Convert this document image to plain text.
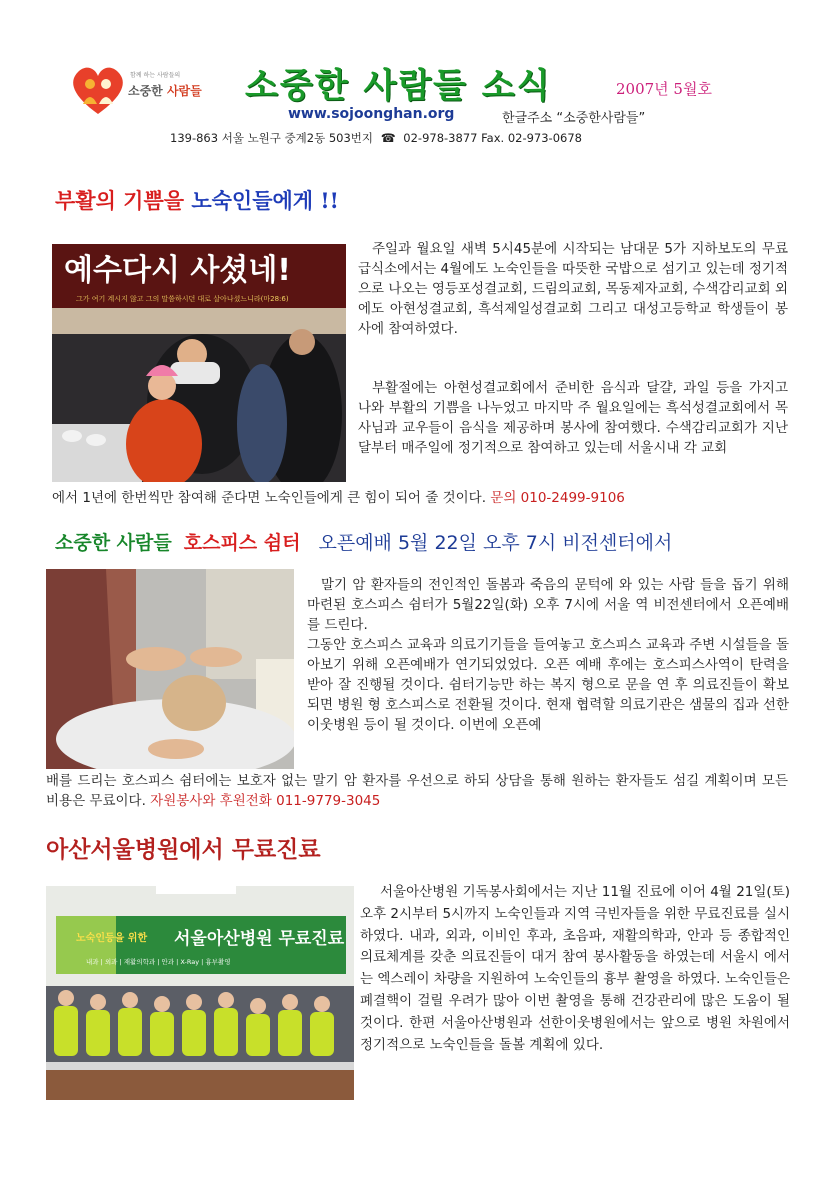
함께 하는 사람들의
소중한 사람들 소중한 사람들 소식	2007년 5월호
www.sojoonghan.org	한글주소 “소중한사람들”
139-863 서울 노원구 중계2동 503번지 ☎ 02-978-3877 Fax. 02-973-0678
부활의 기쁨을 노숙인들에게 !!
예수다시 사셨네!
그가 여기 계시지 않고 그의 말씀하시던 대로 살아나셨느니라(마28:6)
주일과 월요일 새벽 5시45분에 시작되는 남대문 5가 지하보도의 무료급식소에서는 4월에도 노숙인들을 따뜻한 국밥으로 섬기고 있는데 정기적으로 나오는 영등포성결교회, 드림의교회, 목동제자교회, 수색감리교회 외에도 아현성결교회, 흑석제일성결교회 그리고 대성고등학교 학생들이 봉사에 참여하였다.
부활절에는 아현성결교회에서 준비한 음식과 달걀, 과일 등을 가지고 나와 부활의 기쁨을 나누었고 마지막 주 월요일에는 흑석성결교회에서 목사님과 교우들이 음식을 제공하며 봉사에 참여했다. 수색감리교회가 지난달부터 매주일에 정기적으로 참여하고 있는데 서울시내 각 교회
에서 1년에 한번씩만 참여해 준다면 노숙인들에게 큰 힘이 되어 줄 것이다. 문의 010-2499-9106
소중한 사람들 호스피스 쉼터 오픈예배 5월 22일 오후 7시 비전센터에서
말기 암 환자들의 전인적인 돌봄과 죽음의 문턱에 와 있는 사람 들을 돕기 위해 마련된 호스피스 쉼터가 5월22일(화) 오후 7시에 서울 역 비전센터에서 오픈예배를 드린다.
그동안 호스피스 교육과 의료기기들을 들여놓고 호스피스 교육과 주변 시설들을 돌아보기 위해 오픈예배가 연기되었었다. 오픈 예배 후에는 호스피스사역이 탄력을 받아 잘 진행될 것이다. 쉼터기능만 하는 복지 형으로 문을 연 후 의료진들이 확보되면 병원 형 호스피스로 전환될 것이다. 현재 협력할 의료기관은 샘물의 집과 선한이웃병원 등이 될 것이다. 이번에 오픈예
배를 드리는 호스피스 쉼터에는 보호자 없는 말기 암 환자를 우선으로 하되 상담을 통해 원하는 환자들도 섬길 계획이며 모든 비용은 무료이다. 자원봉사와 후원전화 011-9779-3045
아산서울병원에서 무료진료
노숙인등을 위한 서울아산병원 무료진료
내과 | 외과 | 재활의학과 | 안과 | X-Ray | 흉부촬영
서울아산병원 기독봉사회에서는 지난 11월 진료에 이어 4월 21일(토) 오후 2시부터 5시까지 노숙인들과 지역 극빈자들을 위한 무료진료를 실시하였다. 내과, 외과, 이비인 후과, 초음파, 재활의학과, 안과 등 종합적인 의료체계를 갖춘 의료진들이 대거 참여 봉사활동을 하였는데 서울시 에서는 엑스레이 차량을 지원하여 노숙인들의 흉부 촬영을 하였다. 노숙인들은 폐결핵이 걸릴 우려가 많아 이번 촬영을 통해 건강관리에 많은 도움이 될 것이다. 한편 서울아산병원과 선한이웃병원에서는 앞으로 병원 차원에서 정기적으로 노숙인들을 돌볼 계획에 있다.
